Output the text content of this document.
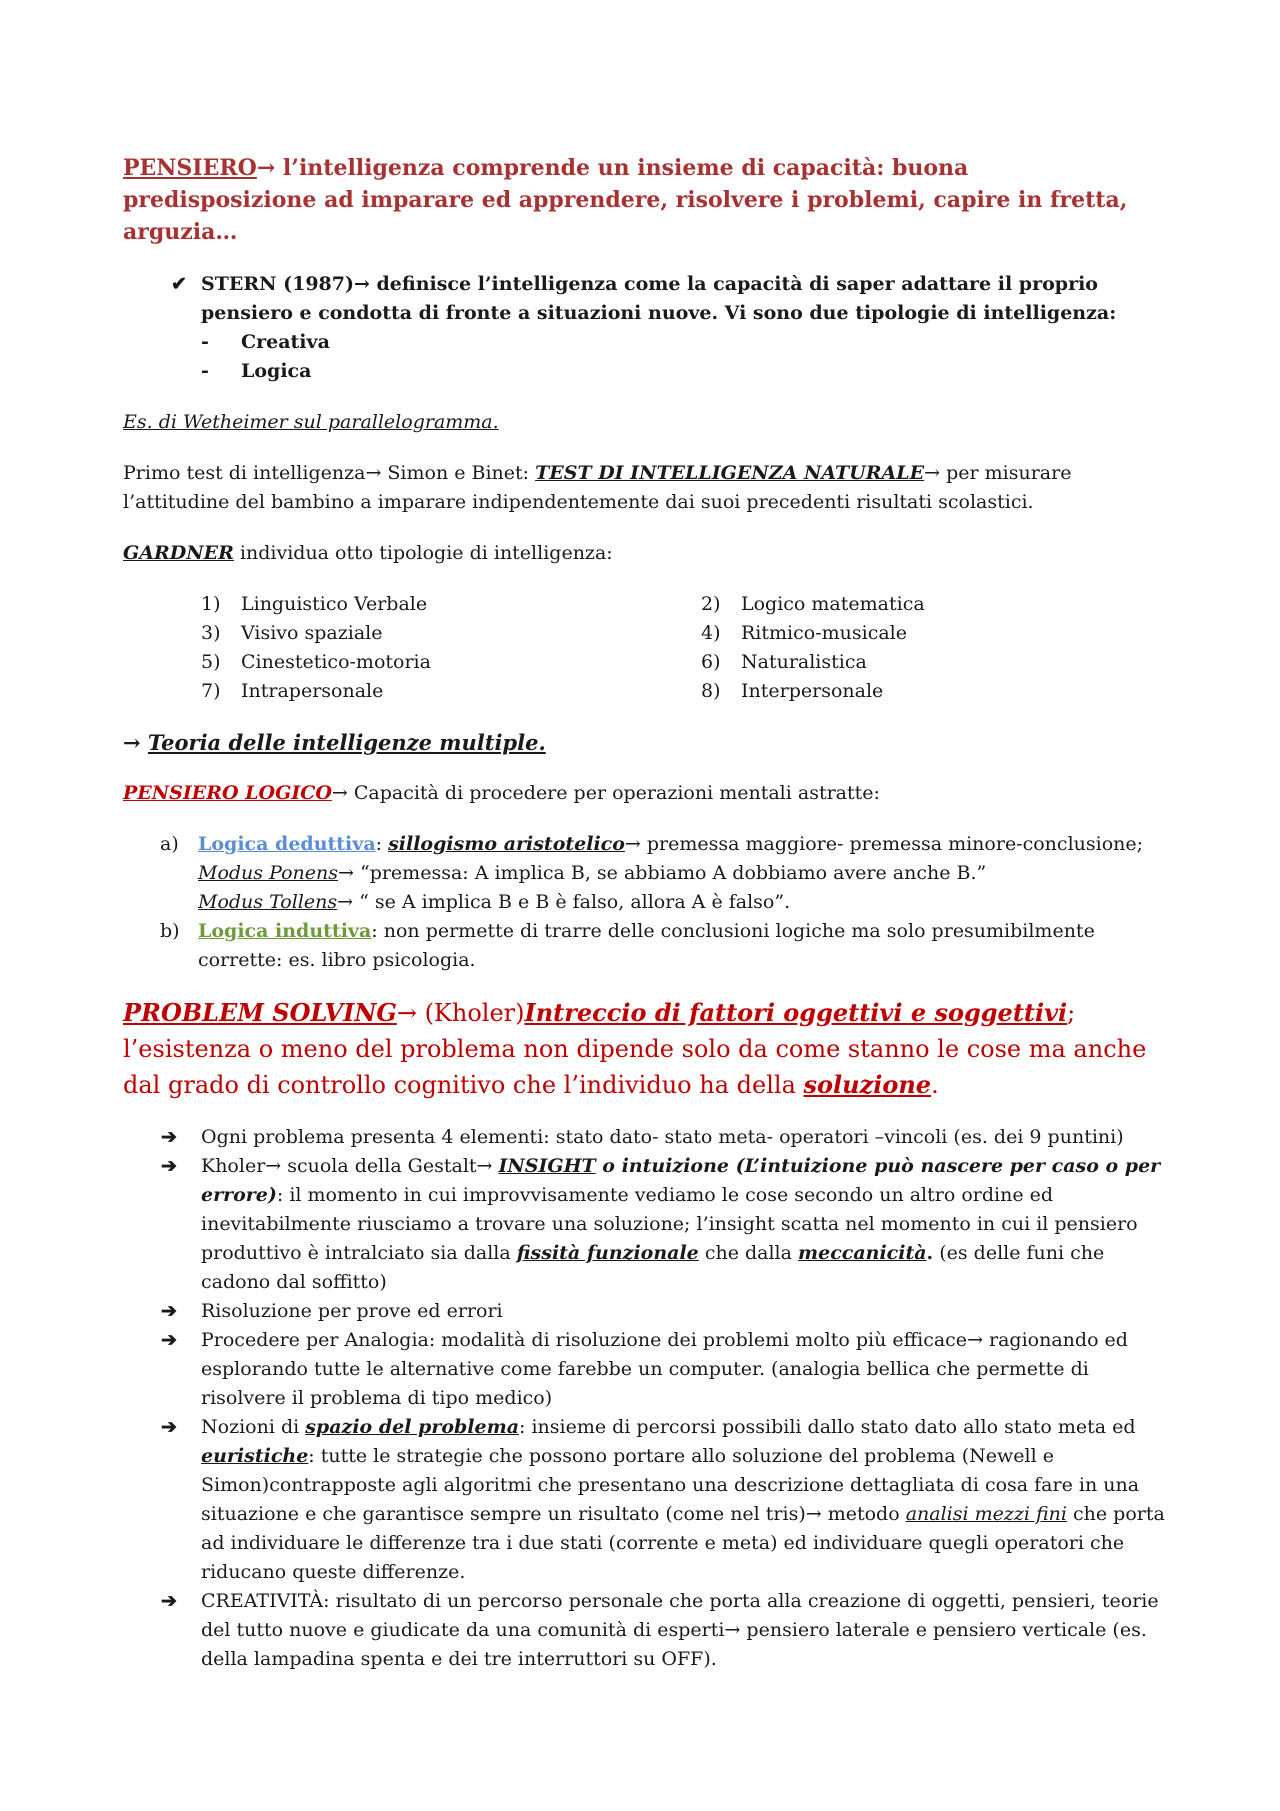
PENSIERO→ l’intelligenza comprende un insieme di capacità: buona predisposizione ad imparare ed apprendere, risolvere i problemi, capire in fretta, arguzia…

✔ STERN (1987)→ definisce l’intelligenza come la capacità di saper adattare il proprio pensiero e condotta di fronte a situazioni nuove. Vi sono due tipologie di intelligenza:
-	Creativa
-	Logica

Es. di Wetheimer sul parallelogramma.

Primo test di intelligenza→ Simon e Binet: TEST DI INTELLIGENZA NATURALE→ per misurare l’attitudine del bambino a imparare indipendentemente dai suoi precedenti risultati scolastici.

GARDNER individua otto tipologie di intelligenza:

1) Linguistico Verbale	2) Logico matematica
3) Visivo spaziale	4) Ritmico-musicale
5) Cinestetico-motoria	6) Naturalistica
7) Intrapersonale	8) Interpersonale

→ Teoria delle intelligenze multiple.

PENSIERO LOGICO→ Capacità di procedere per operazioni mentali astratte:

a)	Logica deduttiva: sillogismo aristotelico→ premessa maggiore- premessa minore-conclusione;
Modus Ponens→ “premessa: A implica B, se abbiamo A dobbiamo avere anche B.”
Modus Tollens→ “ se A implica B e B è falso, allora A è falso”.
b) Logica induttiva: non permette di trarre delle conclusioni logiche ma solo presumibilmente corrette: es. libro psicologia.

PROBLEM SOLVING→ (Kholer)Intreccio di fattori oggettivi e soggettivi; l’esistenza o meno del problema non dipende solo da come stanno le cose ma anche dal grado di controllo cognitivo che l’individuo ha della soluzione.

➔	Ogni problema presenta 4 elementi: stato dato- stato meta- operatori –vincoli (es. dei 9 puntini)
➔	Kholer→ scuola della Gestalt→ INSIGHT o intuizione (L’intuizione può nascere per caso o per errore): il momento in cui improvvisamente vediamo le cose secondo un altro ordine ed inevitabilmente riusciamo a trovare una soluzione; l’insight scatta nel momento in cui il pensiero produttivo è intralciato sia dalla fissità funzionale che dalla meccanicità. (es delle funi che cadono dal soffitto)
➔	Risoluzione per prove ed errori
➔	Procedere per Analogia: modalità di risoluzione dei problemi molto più efficace→ ragionando ed esplorando tutte le alternative come farebbe un computer. (analogia bellica che permette di risolvere il problema di tipo medico)
➔	Nozioni di spazio del problema: insieme di percorsi possibili dallo stato dato allo stato meta ed euristiche: tutte le strategie che possono portare allo soluzione del problema (Newell e Simon)contrapposte agli algoritmi che presentano una descrizione dettagliata di cosa fare in una situazione e che garantisce sempre un risultato (come nel tris)→ metodo analisi mezzi fini che porta ad individuare le differenze tra i due stati (corrente e meta) ed individuare quegli operatori che riducano queste differenze.
➔	CREATIVITÀ: risultato di un percorso personale che porta alla creazione di oggetti, pensieri, teorie del tutto nuove e giudicate da una comunità di esperti→ pensiero laterale e pensiero verticale (es. della lampadina spenta e dei tre interruttori su OFF).
